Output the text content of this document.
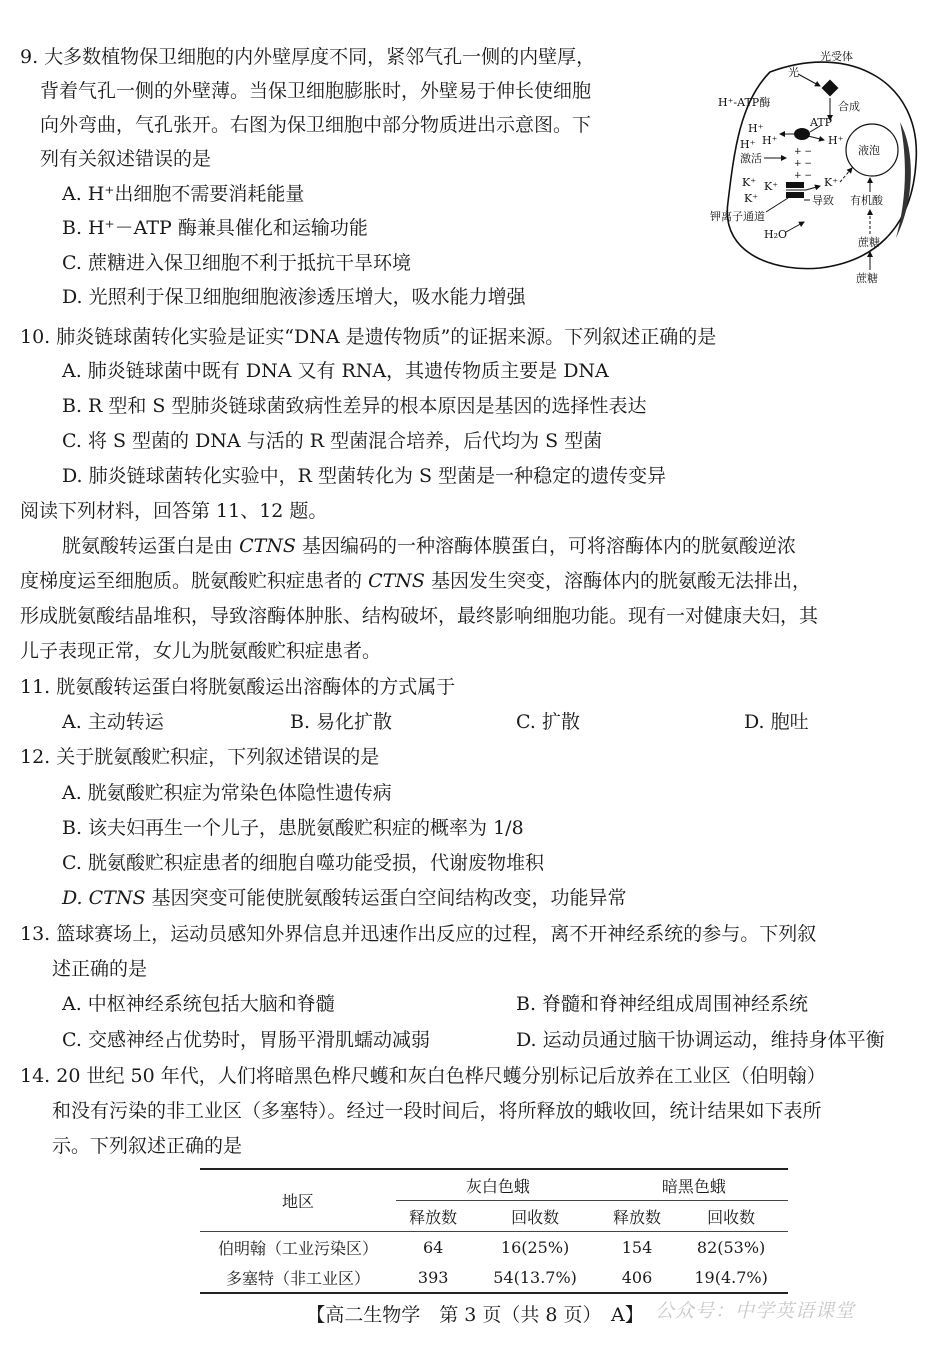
9. 大多数植物保卫细胞的内外壁厚度不同，紧邻气孔一侧的内壁厚，
背着气孔一侧的外壁薄。当保卫细胞膨胀时，外壁易于伸长使细胞
向外弯曲，气孔张开。右图为保卫细胞中部分物质进出示意图。下
列有关叙述错误的是
A. H⁺出细胞不需要消耗能量
B. H⁺－ATP 酶兼具催化和运输功能
C. 蔗糖进入保卫细胞不利于抵抗干旱环境
D. 光照利于保卫细胞细胞液渗透压增大，吸水能力增强
液泡
光受体
光
合成
ATP
H⁺-ATP酶
H⁺
H⁺ H⁺	H⁺
激活	+ −
+ −
+ −
K⁺ K⁺
K⁺
K⁺
导致 有机酸
钾离子通道
H₂O
蔗糖
蔗糖
10. 肺炎链球菌转化实验是证实“DNA 是遗传物质”的证据来源。下列叙述正确的是
A. 肺炎链球菌中既有 DNA 又有 RNA，其遗传物质主要是 DNA
B. R 型和 S 型肺炎链球菌致病性差异的根本原因是基因的选择性表达
C. 将 S 型菌的 DNA 与活的 R 型菌混合培养，后代均为 S 型菌
D. 肺炎链球菌转化实验中，R 型菌转化为 S 型菌是一种稳定的遗传变异
阅读下列材料，回答第 11、12 题。
胱氨酸转运蛋白是由 CTNS 基因编码的一种溶酶体膜蛋白，可将溶酶体内的胱氨酸逆浓
度梯度运至细胞质。胱氨酸贮积症患者的 CTNS 基因发生突变，溶酶体内的胱氨酸无法排出，
形成胱氨酸结晶堆积，导致溶酶体肿胀、结构破坏，最终影响细胞功能。现有一对健康夫妇，其
儿子表现正常，女儿为胱氨酸贮积症患者。
11. 胱氨酸转运蛋白将胱氨酸运出溶酶体的方式属于
A. 主动转运	B. 易化扩散	C. 扩散	D. 胞吐
12. 关于胱氨酸贮积症，下列叙述错误的是
A. 胱氨酸贮积症为常染色体隐性遗传病
B. 该夫妇再生一个儿子，患胱氨酸贮积症的概率为 1/8
C. 胱氨酸贮积症患者的细胞自噬功能受损，代谢废物堆积
D. CTNS 基因突变可能使胱氨酸转运蛋白空间结构改变，功能异常
13. 篮球赛场上，运动员感知外界信息并迅速作出反应的过程，离不开神经系统的参与。下列叙
述正确的是
A. 中枢神经系统包括大脑和脊髓	B. 脊髓和脊神经组成周围神经系统
C. 交感神经占优势时，胃肠平滑肌蠕动减弱	D. 运动员通过脑干协调运动，维持身体平衡
14. 20 世纪 50 年代，人们将暗黑色桦尺蠖和灰白色桦尺蠖分别标记后放养在工业区（伯明翰）
和没有污染的非工业区（多塞特）。经过一段时间后，将所释放的蛾收回，统计结果如下表所
示。下列叙述正确的是
地区	灰白色蛾		暗黑色蛾	
	释放数	回收数	释放数	回收数
伯明翰（工业污染区）	64	16(25%)	154	82(53%)
多塞特（非工业区）	393	54(13.7%)	406	19(4.7%)
【高二生物学　第 3 页（共 8 页）　A】 公众号：中学英语课堂
